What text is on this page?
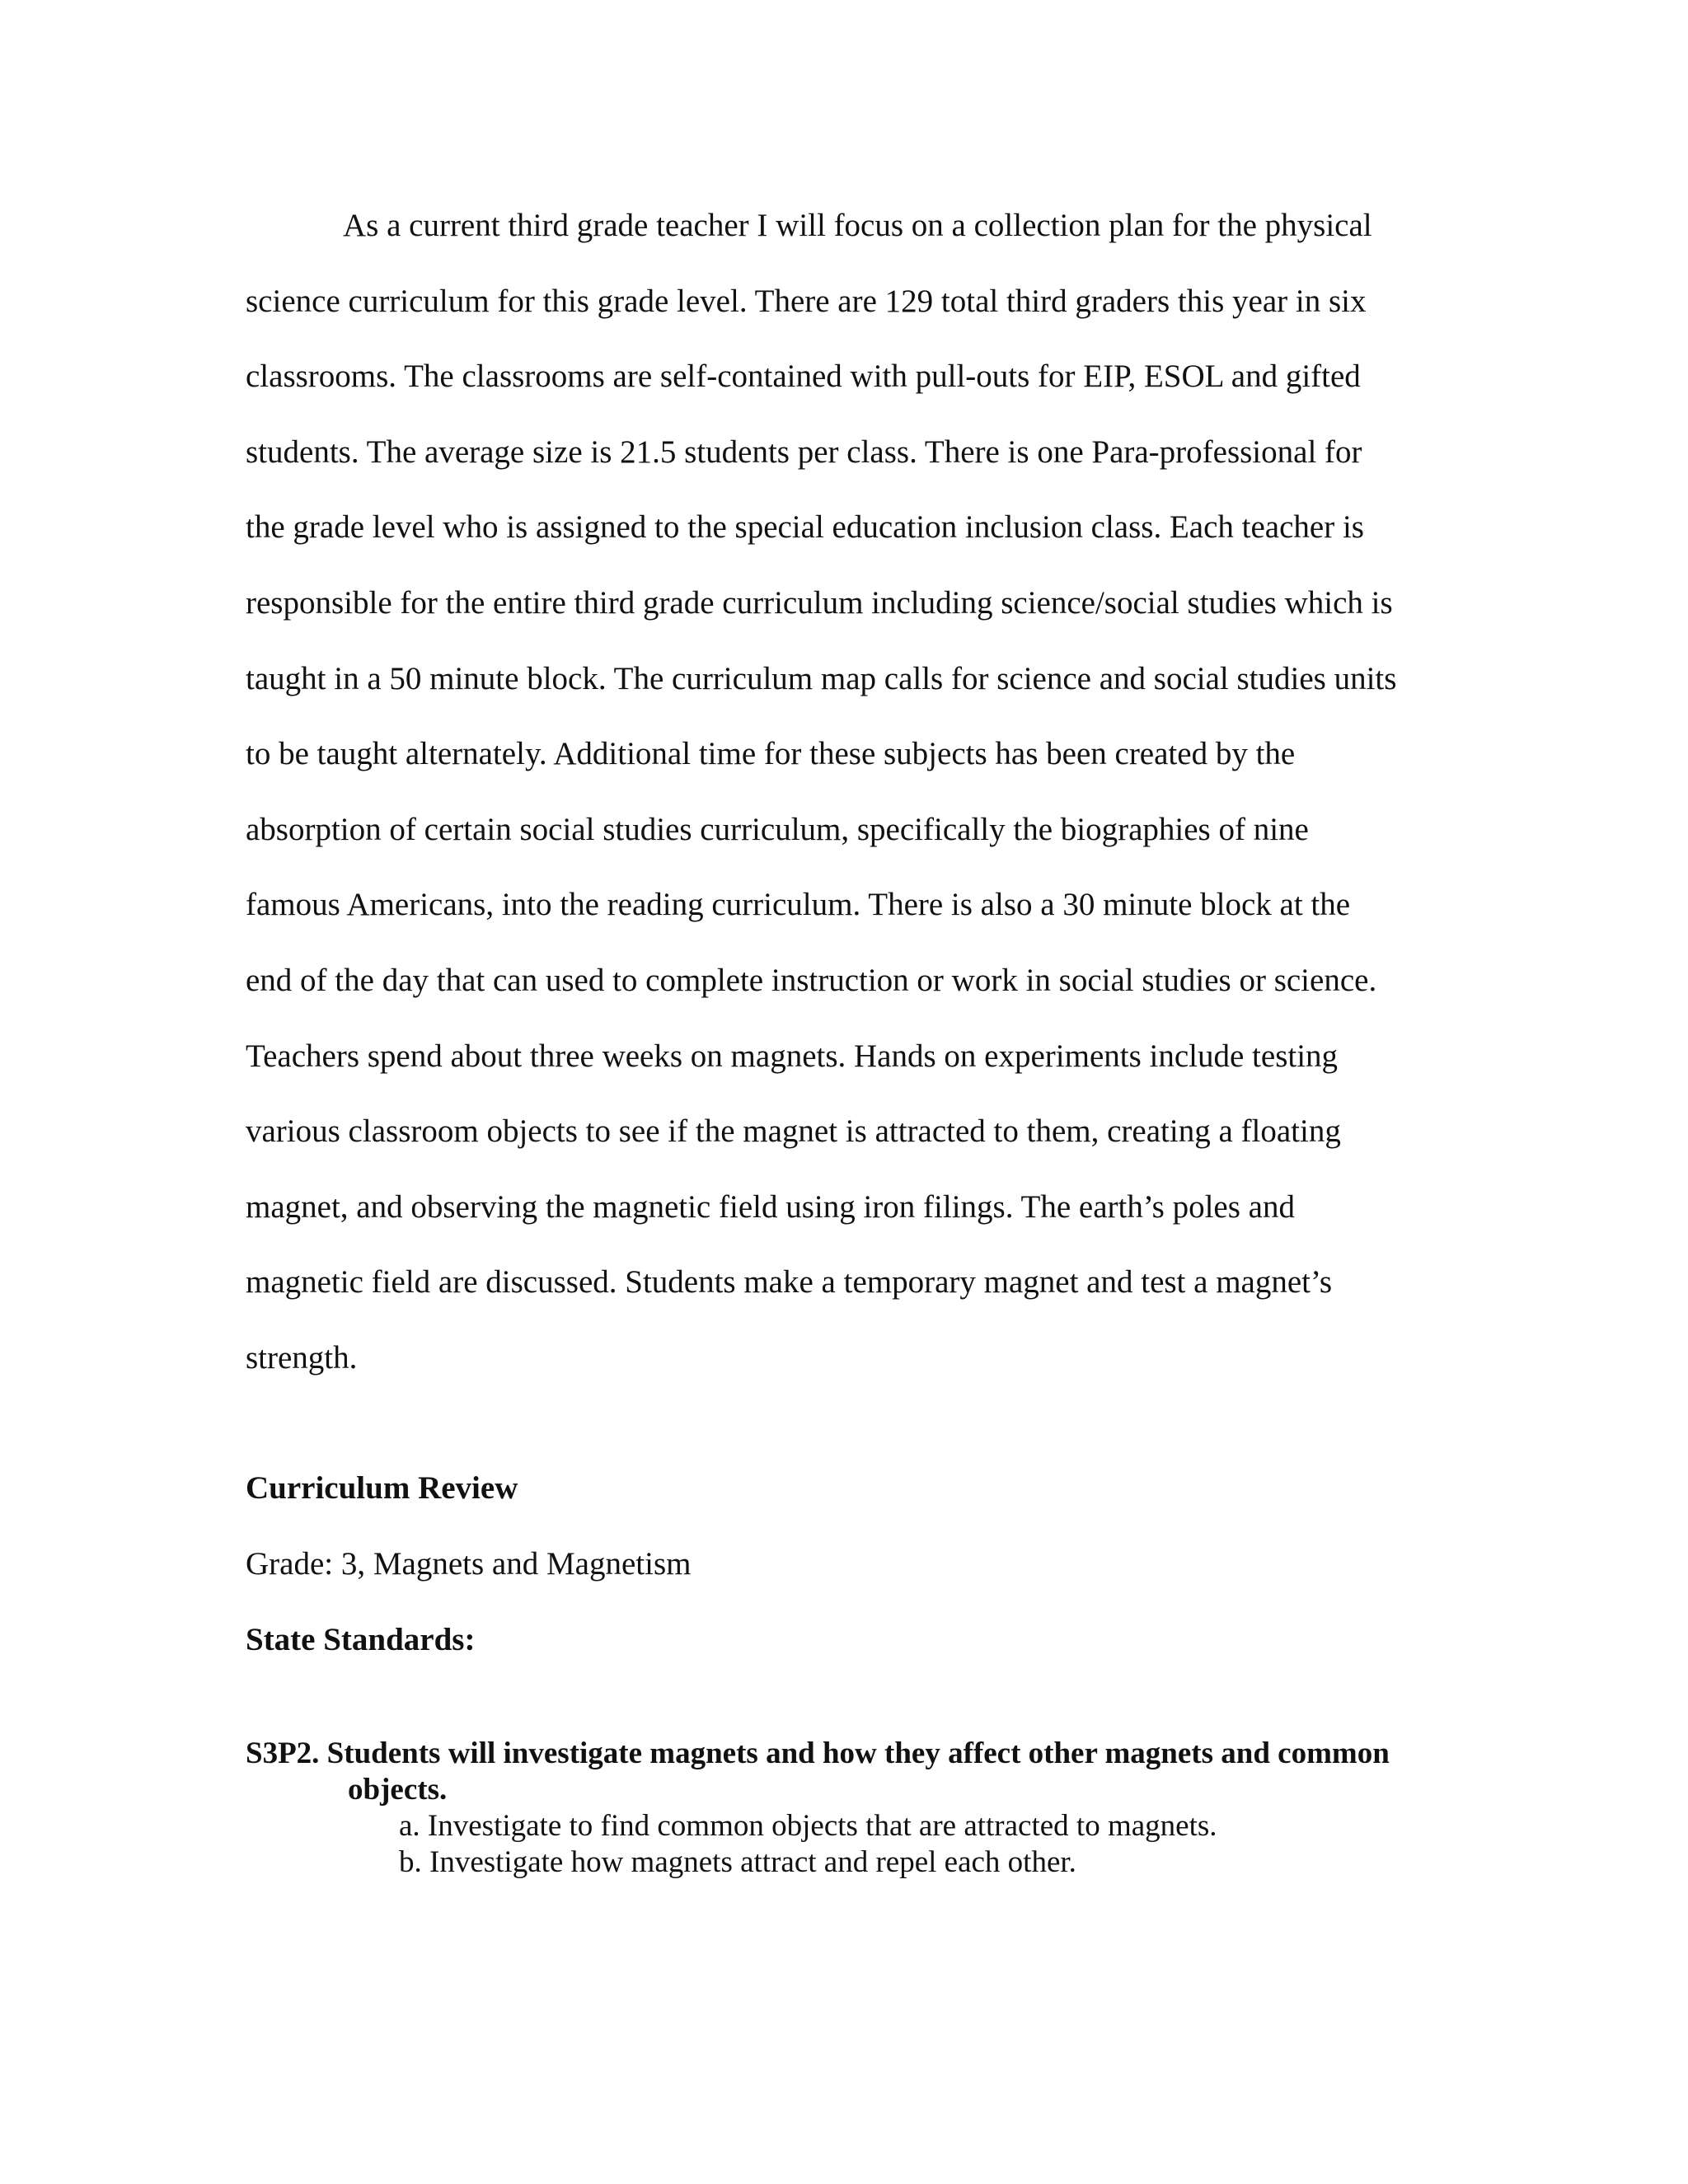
As a current third grade teacher I will focus on a collection plan for the physical
science curriculum for this grade level. There are 129 total third graders this year in six
classrooms. The classrooms are self-contained with pull-outs for EIP, ESOL and gifted
students. The average size is 21.5 students per class. There is one Para-professional for
the grade level who is assigned to the special education inclusion class. Each teacher is
responsible for the entire third grade curriculum including science/social studies which is
taught in a 50 minute block. The curriculum map calls for science and social studies units
to be taught alternately. Additional time for these subjects has been created by the
absorption of certain social studies curriculum, specifically the biographies of nine
famous Americans, into the reading curriculum. There is also a 30 minute block at the
end of the day that can used to complete instruction or work in social studies or science.
Teachers spend about three weeks on magnets. Hands on experiments include testing
various classroom objects to see if the magnet is attracted to them, creating a floating
magnet, and observing the magnetic field using iron filings. The earth’s poles and
magnetic field are discussed. Students make a temporary magnet and test a magnet’s
strength.
Curriculum Review
Grade: 3, Magnets and Magnetism
State Standards:
S3P2. Students will investigate magnets and how they affect other magnets and common
objects.
a. Investigate to find common objects that are attracted to magnets.
b. Investigate how magnets attract and repel each other.
